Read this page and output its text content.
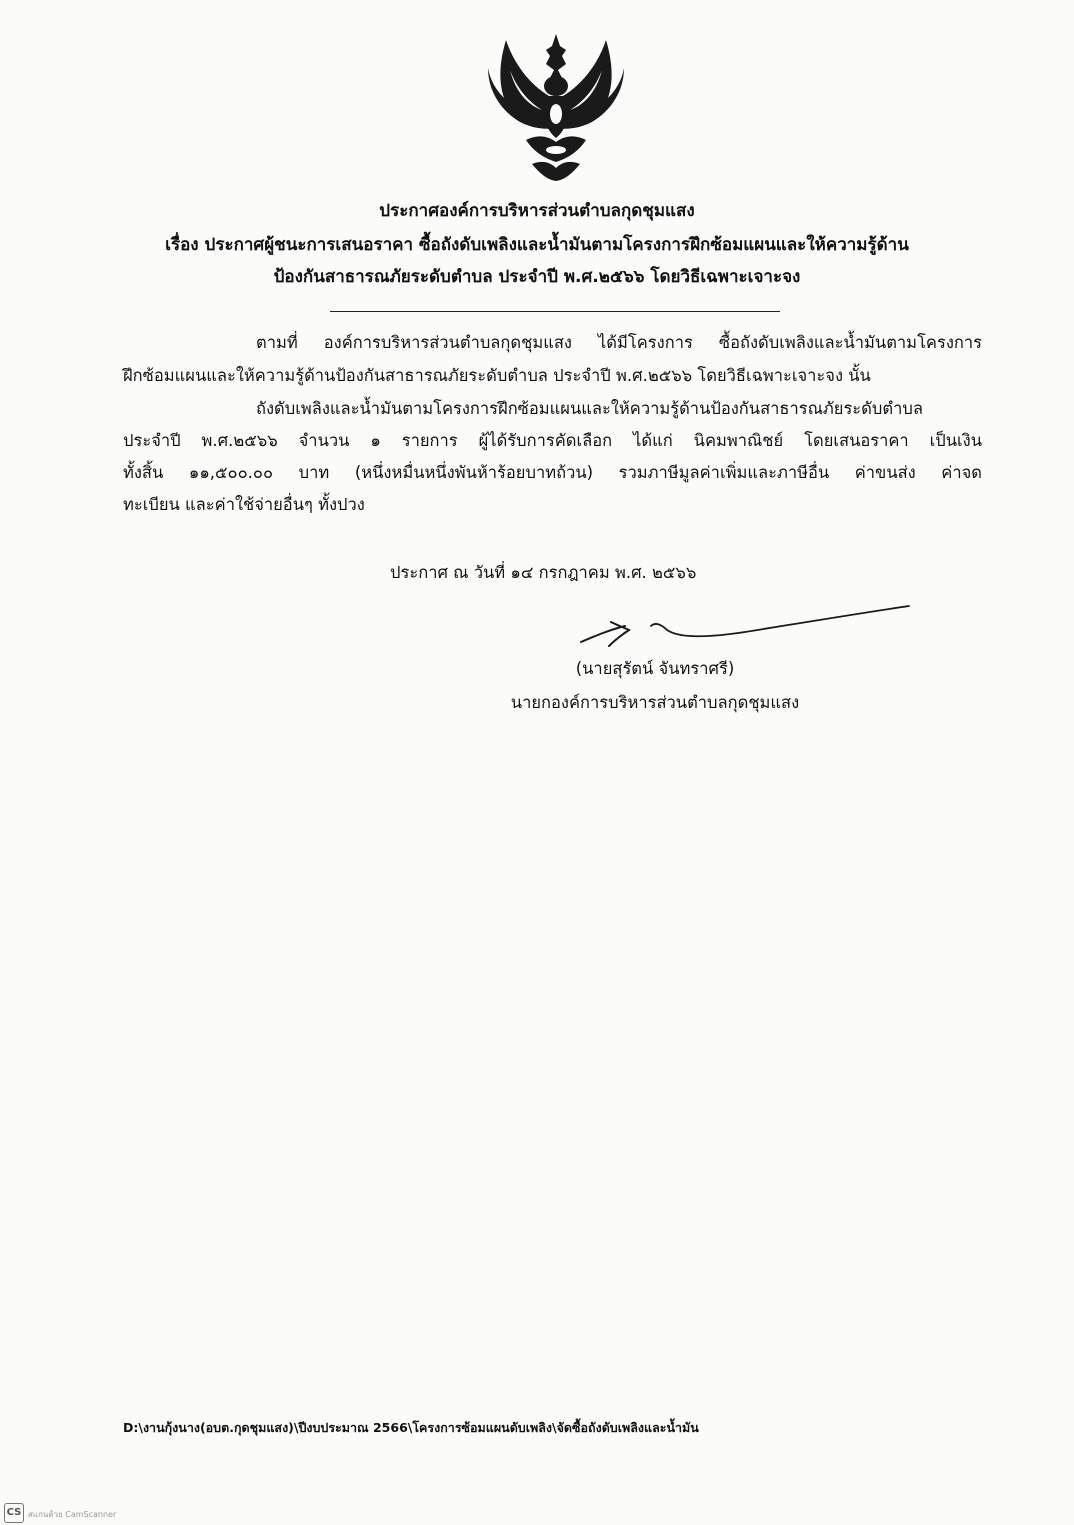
ประกาศองค์การบริหารส่วนตำบลกุดชุมแสง
เรื่อง ประกาศผู้ชนะการเสนอราคา ซื้อถังดับเพลิงและน้ำมันตามโครงการฝึกซ้อมแผนและให้ความรู้ด้าน
ป้องกันสาธารณภัยระดับตำบล ประจำปี พ.ศ.๒๕๖๖ โดยวิธีเฉพาะเจาะจง
ตามที่ องค์การบริหารส่วนตำบลกุดชุมแสง ได้มีโครงการ ซื้อถังดับเพลิงและน้ำมันตามโครงการ
ฝึกซ้อมแผนและให้ความรู้ด้านป้องกันสาธารณภัยระดับตำบล ประจำปี พ.ศ.๒๕๖๖ โดยวิธีเฉพาะเจาะจง นั้น
ถังดับเพลิงและน้ำมันตามโครงการฝึกซ้อมแผนและให้ความรู้ด้านป้องกันสาธารณภัยระดับตำบล
ประจำปี พ.ศ.๒๕๖๖ จำนวน ๑ รายการ ผู้ได้รับการคัดเลือก ได้แก่ นิคมพาณิชย์ โดยเสนอราคา เป็นเงิน
ทั้งสิ้น ๑๑,๕๐๐.๐๐ บาท (หนึ่งหมื่นหนึ่งพันห้าร้อยบาทถ้วน) รวมภาษีมูลค่าเพิ่มและภาษีอื่น ค่าขนส่ง ค่าจด
ทะเบียน และค่าใช้จ่ายอื่นๆ ทั้งปวง
ประกาศ ณ วันที่ ๑๔ กรกฎาคม พ.ศ. ๒๕๖๖
(นายสุรัตน์ จันทราศรี)
นายกองค์การบริหารส่วนตำบลกุดชุมแสง
D:\งานกุ้งนาง(อบต.กุดชุมแสง)\ปีงบประมาณ 2566\โครงการซ้อมแผนดับเพลิง\จัดซื้อถังดับเพลิงและน้ำมัน
CS สแกนด้วย CamScanner
